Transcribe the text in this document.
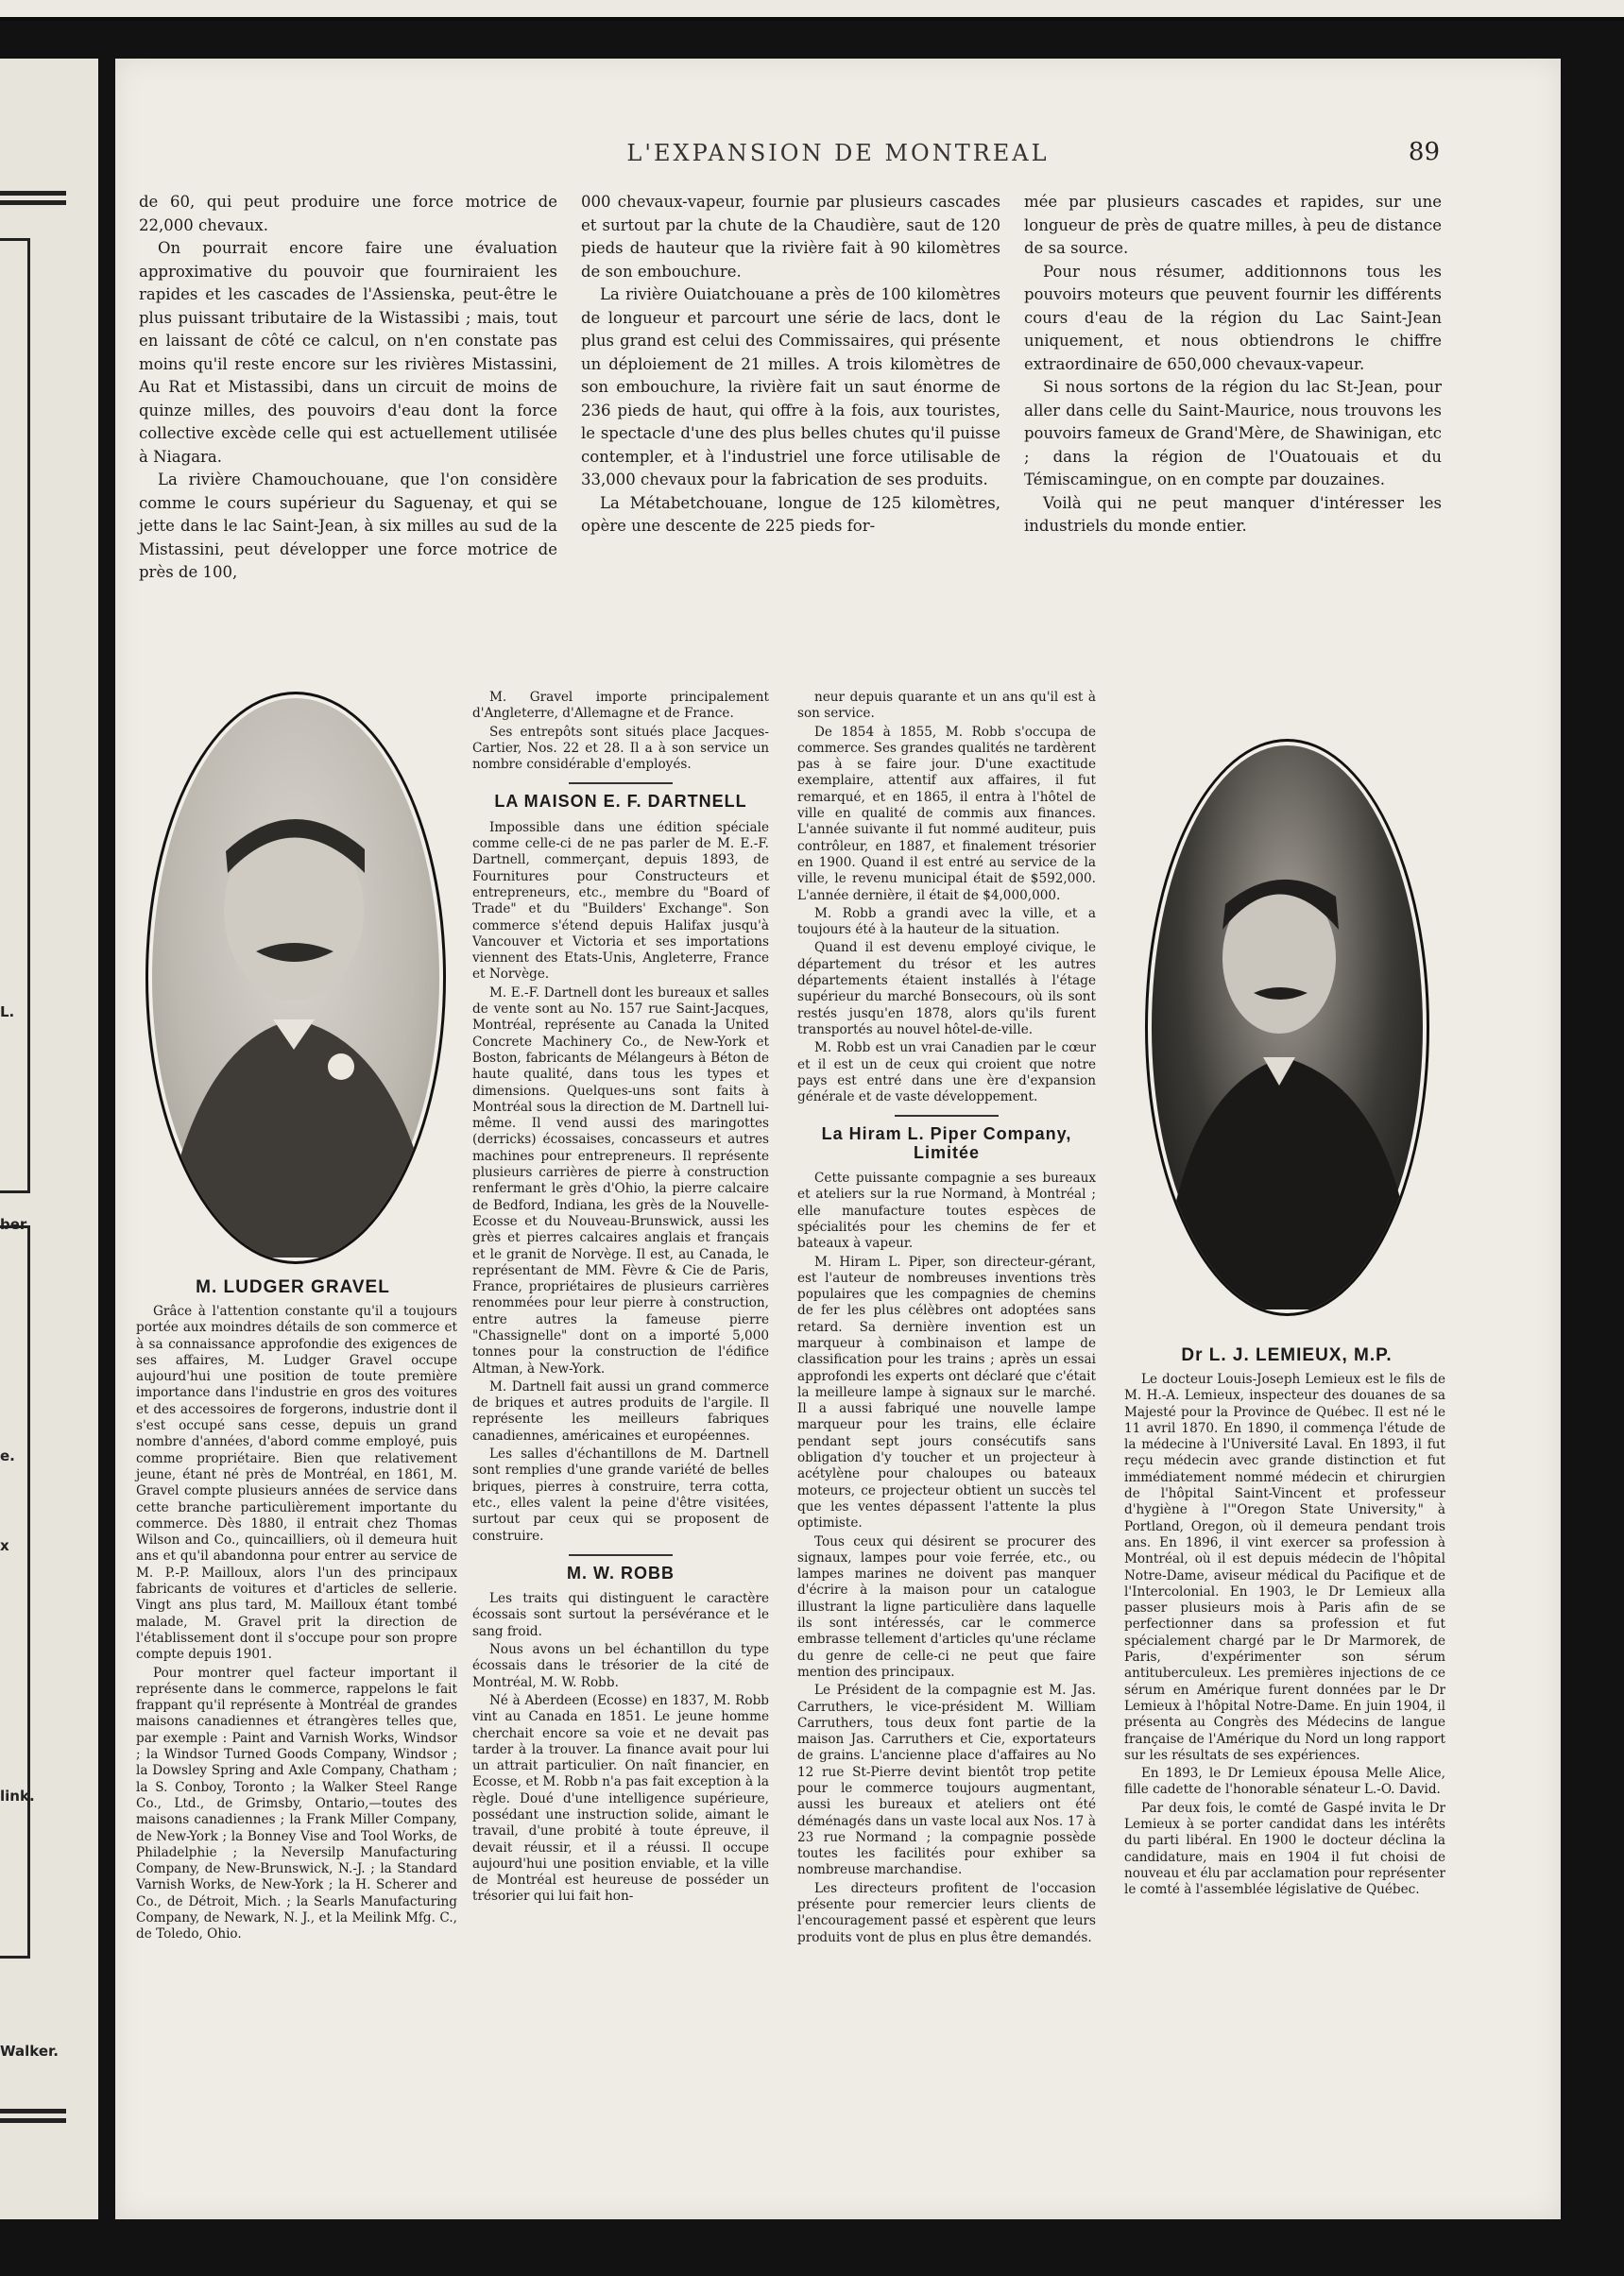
L.
ber
e.
x
link.
Walker.
L'EXPANSION DE MONTREAL	89

de 60, qui peut produire une force motrice de 22,000 chevaux.

On pourrait encore faire une évaluation approximative du pouvoir que fourniraient les rapides et les cascades de l'Assienska, peut-être le plus puissant tributaire de la Wistassibi ; mais, tout en laissant de côté ce calcul, on n'en constate pas moins qu'il reste encore sur les rivières Mistassini, Au Rat et Mistassibi, dans un circuit de moins de quinze milles, des pouvoirs d'eau dont la force collective excède celle qui est actuellement utilisée à Niagara.

La rivière Chamouchouane, que l'on considère comme le cours supérieur du Saguenay, et qui se jette dans le lac Saint-Jean, à six milles au sud de la Mistassini, peut développer une force motrice de près de 100,

000 chevaux-vapeur, fournie par plusieurs cascades et surtout par la chute de la Chaudière, saut de 120 pieds de hauteur que la rivière fait à 90 kilomètres de son embouchure.

La rivière Ouiatchouane a près de 100 kilomètres de longueur et parcourt une série de lacs, dont le plus grand est celui des Commissaires, qui présente un déploiement de 21 milles. A trois kilomètres de son embouchure, la rivière fait un saut énorme de 236 pieds de haut, qui offre à la fois, aux touristes, le spectacle d'une des plus belles chutes qu'il puisse contempler, et à l'industriel une force utilisable de 33,000 chevaux pour la fabrication de ses produits.

La Métabetchouane, longue de 125 kilomètres, opère une descente de 225 pieds for-

mée par plusieurs cascades et rapides, sur une longueur de près de quatre milles, à peu de distance de sa source.

Pour nous résumer, additionnons tous les pouvoirs moteurs que peuvent fournir les différents cours d'eau de la région du Lac Saint-Jean uniquement, et nous obtiendrons le chiffre extraordinaire de 650,000 chevaux-vapeur.

Si nous sortons de la région du lac St-Jean, pour aller dans celle du Saint-Maurice, nous trouvons les pouvoirs fameux de Grand'Mère, de Shawinigan, etc ; dans la région de l'Ouatouais et du Témiscamingue, on en compte par douzaines.

Voilà qui ne peut manquer d'intéresser les industriels du monde entier.

M. LUDGER GRAVEL

Grâce à l'attention constante qu'il a toujours portée aux moindres détails de son commerce et à sa connaissance approfondie des exigences de ses affaires, M. Ludger Gravel occupe aujourd'hui une position de toute première importance dans l'industrie en gros des voitures et des accessoires de forgerons, industrie dont il s'est occupé sans cesse, depuis un grand nombre d'années, d'abord comme employé, puis comme propriétaire. Bien que relativement jeune, étant né près de Montréal, en 1861, M. Gravel compte plusieurs années de service dans cette branche particulièrement importante du commerce. Dès 1880, il entrait chez Thomas Wilson and Co., quincailliers, où il demeura huit ans et qu'il abandonna pour entrer au service de M. P.-P. Mailloux, alors l'un des principaux fabricants de voitures et d'articles de sellerie. Vingt ans plus tard, M. Mailloux étant tombé malade, M. Gravel prit la direction de l'établissement dont il s'occupe pour son propre compte depuis 1901.

Pour montrer quel facteur important il représente dans le commerce, rappelons le fait frappant qu'il représente à Montréal de grandes maisons canadiennes et étrangères telles que, par exemple : Paint and Varnish Works, Windsor ; la Windsor Turned Goods Company, Windsor ; la Dowsley Spring and Axle Company, Chatham ; la S. Conboy, Toronto ; la Walker Steel Range Co., Ltd., de Grimsby, Ontario,—toutes des maisons canadiennes ; la Frank Miller Company, de New-York ; la Bonney Vise and Tool Works, de Philadelphie ; la Neversilp Manufacturing Company, de New-Brunswick, N.-J. ; la Standard Varnish Works, de New-York ; la H. Scherer and Co., de Détroit, Mich. ; la Searls Manufacturing Company, de Newark, N. J., et la Meilink Mfg. C., de Toledo, Ohio.

M. Gravel importe principalement d'Angleterre, d'Allemagne et de France.

Ses entrepôts sont situés place Jacques-Cartier, Nos. 22 et 28. Il a à son service un nombre considérable d'employés.

LA MAISON E. F. DARTNELL

Impossible dans une édition spéciale comme celle-ci de ne pas parler de M. E.-F. Dartnell, commerçant, depuis 1893, de Fournitures pour Constructeurs et entrepreneurs, etc., membre du "Board of Trade" et du "Builders' Exchange". Son commerce s'étend depuis Halifax jusqu'à Vancouver et Victoria et ses importations viennent des Etats-Unis, Angleterre, France et Norvège.

M. E.-F. Dartnell dont les bureaux et salles de vente sont au No. 157 rue Saint-Jacques, Montréal, représente au Canada la United Concrete Machinery Co., de New-York et Boston, fabricants de Mélangeurs à Béton de haute qualité, dans tous les types et dimensions. Quelques-uns sont faits à Montréal sous la direction de M. Dartnell lui-même. Il vend aussi des maringottes (derricks) écossaises, concasseurs et autres machines pour entrepreneurs. Il représente plusieurs carrières de pierre à construction renfermant le grès d'Ohio, la pierre calcaire de Bedford, Indiana, les grès de la Nouvelle-Ecosse et du Nouveau-Brunswick, aussi les grès et pierres calcaires anglais et français et le granit de Norvège. Il est, au Canada, le représentant de MM. Fèvre & Cie de Paris, France, propriétaires de plusieurs carrières renommées pour leur pierre à construction, entre autres la fameuse pierre "Chassignelle" dont on a importé 5,000 tonnes pour la construction de l'édifice Altman, à New-York.

M. Dartnell fait aussi un grand commerce de briques et autres produits de l'argile. Il représente les meilleurs fabriques canadiennes, américaines et européennes.

Les salles d'échantillons de M. Dartnell sont remplies d'une grande variété de belles briques, pierres à construire, terra cotta, etc., elles valent la peine d'être visitées, surtout par ceux qui se proposent de construire.

M. W. ROBB

Les traits qui distinguent le caractère écossais sont surtout la persévérance et le sang froid.

Nous avons un bel échantillon du type écossais dans le trésorier de la cité de Montréal, M. W. Robb.

Né à Aberdeen (Ecosse) en 1837, M. Robb vint au Canada en 1851. Le jeune homme cherchait encore sa voie et ne devait pas tarder à la trouver. La finance avait pour lui un attrait particulier. On naît financier, en Ecosse, et M. Robb n'a pas fait exception à la règle. Doué d'une intelligence supérieure, possédant une instruction solide, aimant le travail, d'une probité à toute épreuve, il devait réussir, et il a réussi. Il occupe aujourd'hui une position enviable, et la ville de Montréal est heureuse de posséder un trésorier qui lui fait hon-

neur depuis quarante et un ans qu'il est à son service.

De 1854 à 1855, M. Robb s'occupa de commerce. Ses grandes qualités ne tardèrent pas à se faire jour. D'une exactitude exemplaire, attentif aux affaires, il fut remarqué, et en 1865, il entra à l'hôtel de ville en qualité de commis aux finances. L'année suivante il fut nommé auditeur, puis contrôleur, en 1887, et finalement trésorier en 1900. Quand il est entré au service de la ville, le revenu municipal était de $592,000. L'année dernière, il était de $4,000,000.

M. Robb a grandi avec la ville, et a toujours été à la hauteur de la situation.

Quand il est devenu employé civique, le département du trésor et les autres départements étaient installés à l'étage supérieur du marché Bonsecours, où ils sont restés jusqu'en 1878, alors qu'ils furent transportés au nouvel hôtel-de-ville.

M. Robb est un vrai Canadien par le cœur et il est un de ceux qui croient que notre pays est entré dans une ère d'expansion générale et de vaste développement.

La Hiram L. Piper Company,
Limitée

Cette puissante compagnie a ses bureaux et ateliers sur la rue Normand, à Montréal ; elle manufacture toutes espèces de spécialités pour les chemins de fer et bateaux à vapeur.

M. Hiram L. Piper, son directeur-gérant, est l'auteur de nombreuses inventions très populaires que les compagnies de chemins de fer les plus célèbres ont adoptées sans retard. Sa dernière invention est un marqueur à combinaison et lampe de classification pour les trains ; après un essai approfondi les experts ont déclaré que c'était la meilleure lampe à signaux sur le marché. Il a aussi fabriqué une nouvelle lampe marqueur pour les trains, elle éclaire pendant sept jours consécutifs sans obligation d'y toucher et un projecteur à acétylène pour chaloupes ou bateaux moteurs, ce projecteur obtient un succès tel que les ventes dépassent l'attente la plus optimiste.

Tous ceux qui désirent se procurer des signaux, lampes pour voie ferrée, etc., ou lampes marines ne doivent pas manquer d'écrire à la maison pour un catalogue illustrant la ligne particulière dans laquelle ils sont intéressés, car le commerce embrasse tellement d'articles qu'une réclame du genre de celle-ci ne peut que faire mention des principaux.

Le Président de la compagnie est M. Jas. Carruthers, le vice-président M. William Carruthers, tous deux font partie de la maison Jas. Carruthers et Cie, exportateurs de grains. L'ancienne place d'affaires au No 12 rue St-Pierre devint bientôt trop petite pour le commerce toujours augmentant, aussi les bureaux et ateliers ont été déménagés dans un vaste local aux Nos. 17 à 23 rue Normand ; la compagnie possède toutes les facilités pour exhiber sa nombreuse marchandise.

Les directeurs profitent de l'occasion présente pour remercier leurs clients de l'encouragement passé et espèrent que leurs produits vont de plus en plus être demandés.

Dr L. J. LEMIEUX, M.P.

Le docteur Louis-Joseph Lemieux est le fils de M. H.-A. Lemieux, inspecteur des douanes de sa Majesté pour la Province de Québec. Il est né le 11 avril 1870. En 1890, il commença l'étude de la médecine à l'Université Laval. En 1893, il fut reçu médecin avec grande distinction et fut immédiatement nommé médecin et chirurgien de l'hôpital Saint-Vincent et professeur d'hygiène à l'"Oregon State University," à Portland, Oregon, où il demeura pendant trois ans. En 1896, il vint exercer sa profession à Montréal, où il est depuis médecin de l'hôpital Notre-Dame, aviseur médical du Pacifique et de l'Intercolonial. En 1903, le Dr Lemieux alla passer plusieurs mois à Paris afin de se perfectionner dans sa profession et fut spécialement chargé par le Dr Marmorek, de Paris, d'expérimenter son sérum antituberculeux. Les premières injections de ce sérum en Amérique furent données par le Dr Lemieux à l'hôpital Notre-Dame. En juin 1904, il présenta au Congrès des Médecins de langue française de l'Amérique du Nord un long rapport sur les résultats de ses expériences.

En 1893, le Dr Lemieux épousa Melle Alice, fille cadette de l'honorable sénateur L.-O. David.

Par deux fois, le comté de Gaspé invita le Dr Lemieux à se porter candidat dans les intérêts du parti libéral. En 1900 le docteur déclina la candidature, mais en 1904 il fut choisi de nouveau et élu par acclamation pour représenter le comté à l'assemblée législative de Québec.
